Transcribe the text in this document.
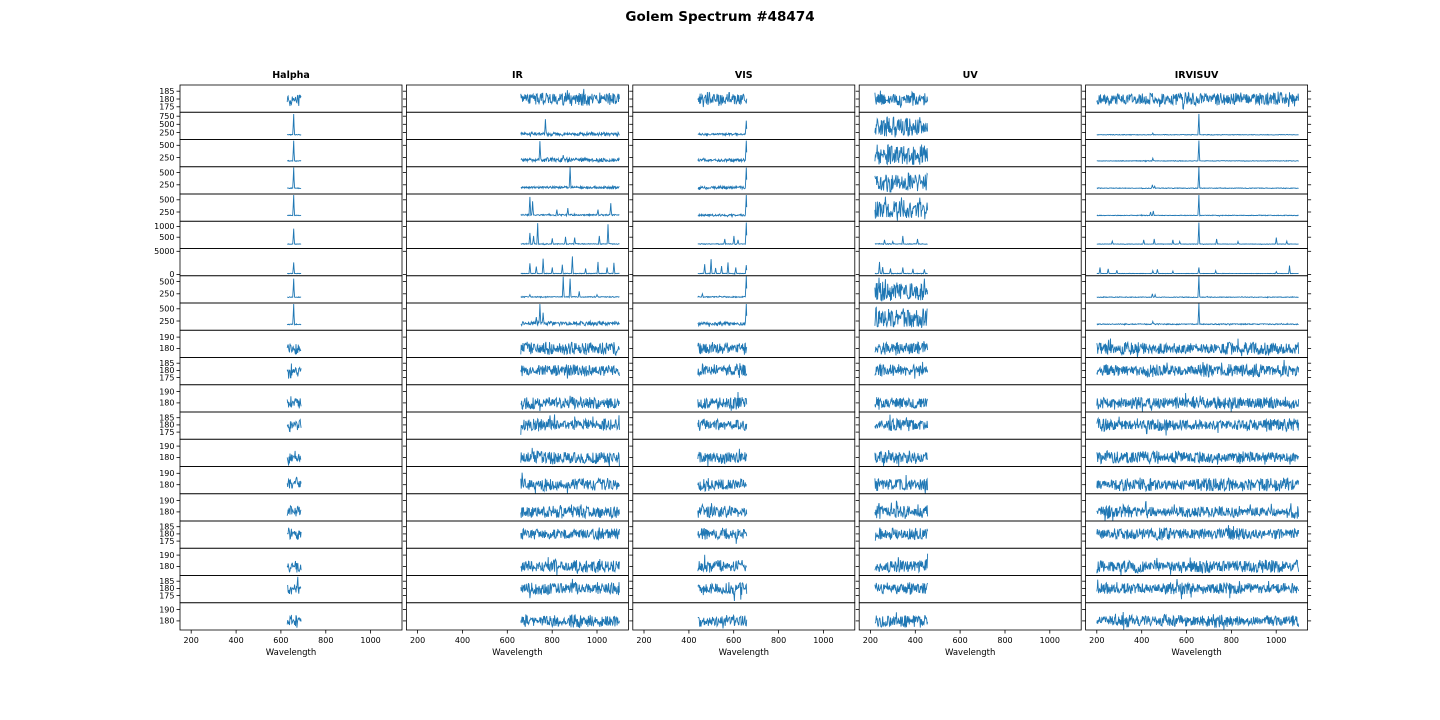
Golem Spectrum #48474
Halpha	IR	VIS	UV	IRVISUV
175
180
185
250
500
750
250
500
250
500
250
500
500
1000
0
5000
250
500
250
500
180
190
175
180
185
180
190
175
180
185
180
190
180
190
180
190
175
180
185
180
190
175
180
185
180
190
200	400	600	800	1000
Wavelength
200	400	600	800	1000
Wavelength
200	400	600	800	1000
Wavelength
200	400	600	800	1000
Wavelength
200	400	600	800	1000
Wavelength
